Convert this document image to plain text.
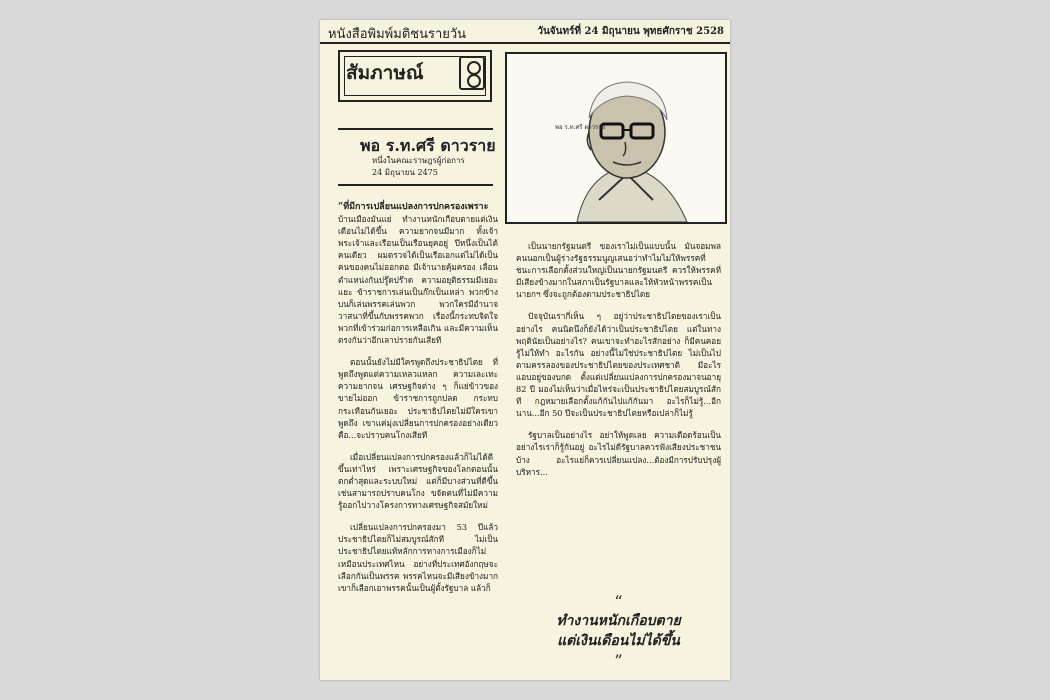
หนังสือพิมพ์มติชนรายวัน	วันจันทร์ที่ 24 มิถุนายน พุทธศักราช 2528
สัมภาษณ์
พอ ร.ท.ศรี ดาวราย
หนึ่งในคณะราษฎรผู้ก่อการ
24 มิถุนายน 2475
พอ ร.ท.ศรี ดาวราย

“ที่มีการเปลี่ยนแปลงการปกครองเพราะ บ้านเมืองมันแย่ ทำงานหนักเกือบตายแต่เงินเดือนไม่ได้ขึ้น ความยากจนมีมาก ทั้งเจ้าพระเจ้าและเรือนเป็นเรือนยุคอยู่ ปีหนึ่งเป็นได้คนเดียว ผมตรวจได้เป็นเรือเอกแต่ไม่ได้เป็นคนของคนไม่ออกตอ มีเจ้านายคุ้มครอง เลื่อนตำแหน่งกันปรู๊ดปร๊าด ความอยุติธรรมมีเยอะแยะ ข้าราชการเล่นเป็นก๊กเป็นเหล่า พวกข้างบนก็เล่นพรรคเล่นพวก พวกใครมีอำนาจวาสนาที่ขึ้นกับพรรคพวก เรื่องนี้กระทบจิตใจพวกที่เข้าร่วมก่อการเหลือเกิน และมีความเห็นตรงกันว่าอีกเลาปรายกันเสียที

ตอนนั้นยังไม่มีใครพูดถึงประชาธิปไตย ที่พูดถึงพูดแต่ความเหลวแหลก ความเละเทะ ความยากจน เศรษฐกิจต่าง ๆ ก็แย่ข้าวของขายไม่ออก ข้าราชการถูกปลด กระทบกระเทือนกันเยอะ ประชาธิปไตยไม่มีใครเขาพูดถึง เขาแค่มุ่งเปลี่ยนการปกครองอย่างเดียวคือ...จะปราบคนโกงเสียที

เมื่อเปลี่ยนแปลงการปกครองแล้วก็ไม่ได้ดีขึ้นเท่าไหร่ เพราะเศรษฐกิจของโลกตอนนั้นตกต่ำสุดและระบบใหม่ แต่ก็มีบางส่วนที่ดีขึ้น เช่นสามารถปราบคนโกง ขจัดคนที่ไม่มีความรู้ออกไปวางโครงการทางเศรษฐกิจสมัยใหม่

เปลี่ยนแปลงการปกครองมา 53 ปีแล้วประชาธิปไตยก็ไม่สมบูรณ์สักที ไม่เป็นประชาธิปไตยแท้หลักการทางการเมืองก็ไม่เหมือนประเทศไหน อย่างที่ประเทศอังกฤษจะเลือกกันเป็นพรรค พรรคไหนจะมีเสียงข้างมากเขาก็เลือกเอาพรรคนั้นเป็นผู้ตั้งรัฐบาล แล้วก็

เป็นนายกรัฐมนตรี ของเราไม่เป็นแบบนั้น มันจอมพล คนนอกเป็นผู้ร่างรัฐธรรมนูญเสนอว่าทำไมไม่ให้พรรคที่ชนะการเลือกตั้งส่วนใหญ่เป็นนายกรัฐมนตรี ควรให้พรรคที่มีเสียงข้างมากในสภาเป็นรัฐบาลและให้หัวหน้าพรรคเป็นนายกฯ ซึ่งจะถูกต้องตามประชาธิปไตย

ปัจจุบันเรากี่เห็น ๆ อยู่ว่าประชาธิปไตยของเราเป็นอย่างไร คนนิดนึงก็ยังได้ว่าเป็นประชาธิปไตย แต่ในทางพฤตินัยเป็นอย่างไร? คนเขาจะทำอะไรสักอย่าง ก็มีคนคอยรู้ไม่ให้ทำ อะไรกัน อย่างนี้ไม่ใช่ประชาธิปไตย ไม่เป็นไปตามครรลองของประชาธิปไตยของประเทศชาติ มีอะไรแอบอยู่ของบกด ตั้งแต่เปลี่ยนแปลงการปกครองมาจนอายุ 82 ปี มองไม่เห็นว่าเมื่อไหร่จะเป็นประชาธิปไตยสมบูรณ์สักที กฎหมายเลือกตั้งแก้กันไปแก้กันมา อะไรก็ไม่รู้...อีกนาน...อีก 50 ปีจะเป็นประชาธิปไตยหรือเปล่าก็ไม่รู้

รัฐบาลเป็นอย่างไร อย่าให้พูดเลย ความเดือดร้อนเป็นอย่างไรเราก็รู้กันอยู่ อะไรไม่ดีรัฐบาลควรฟังเสียงประชาชนบ้าง อะไรแย่ก็ควรเปลี่ยนแปลง...ต้องมีการปรับปรุงผู้บริหาร...

“
ทำงานหนักเกือบตาย
แต่เงินเดือนไม่ได้ขึ้น
”
